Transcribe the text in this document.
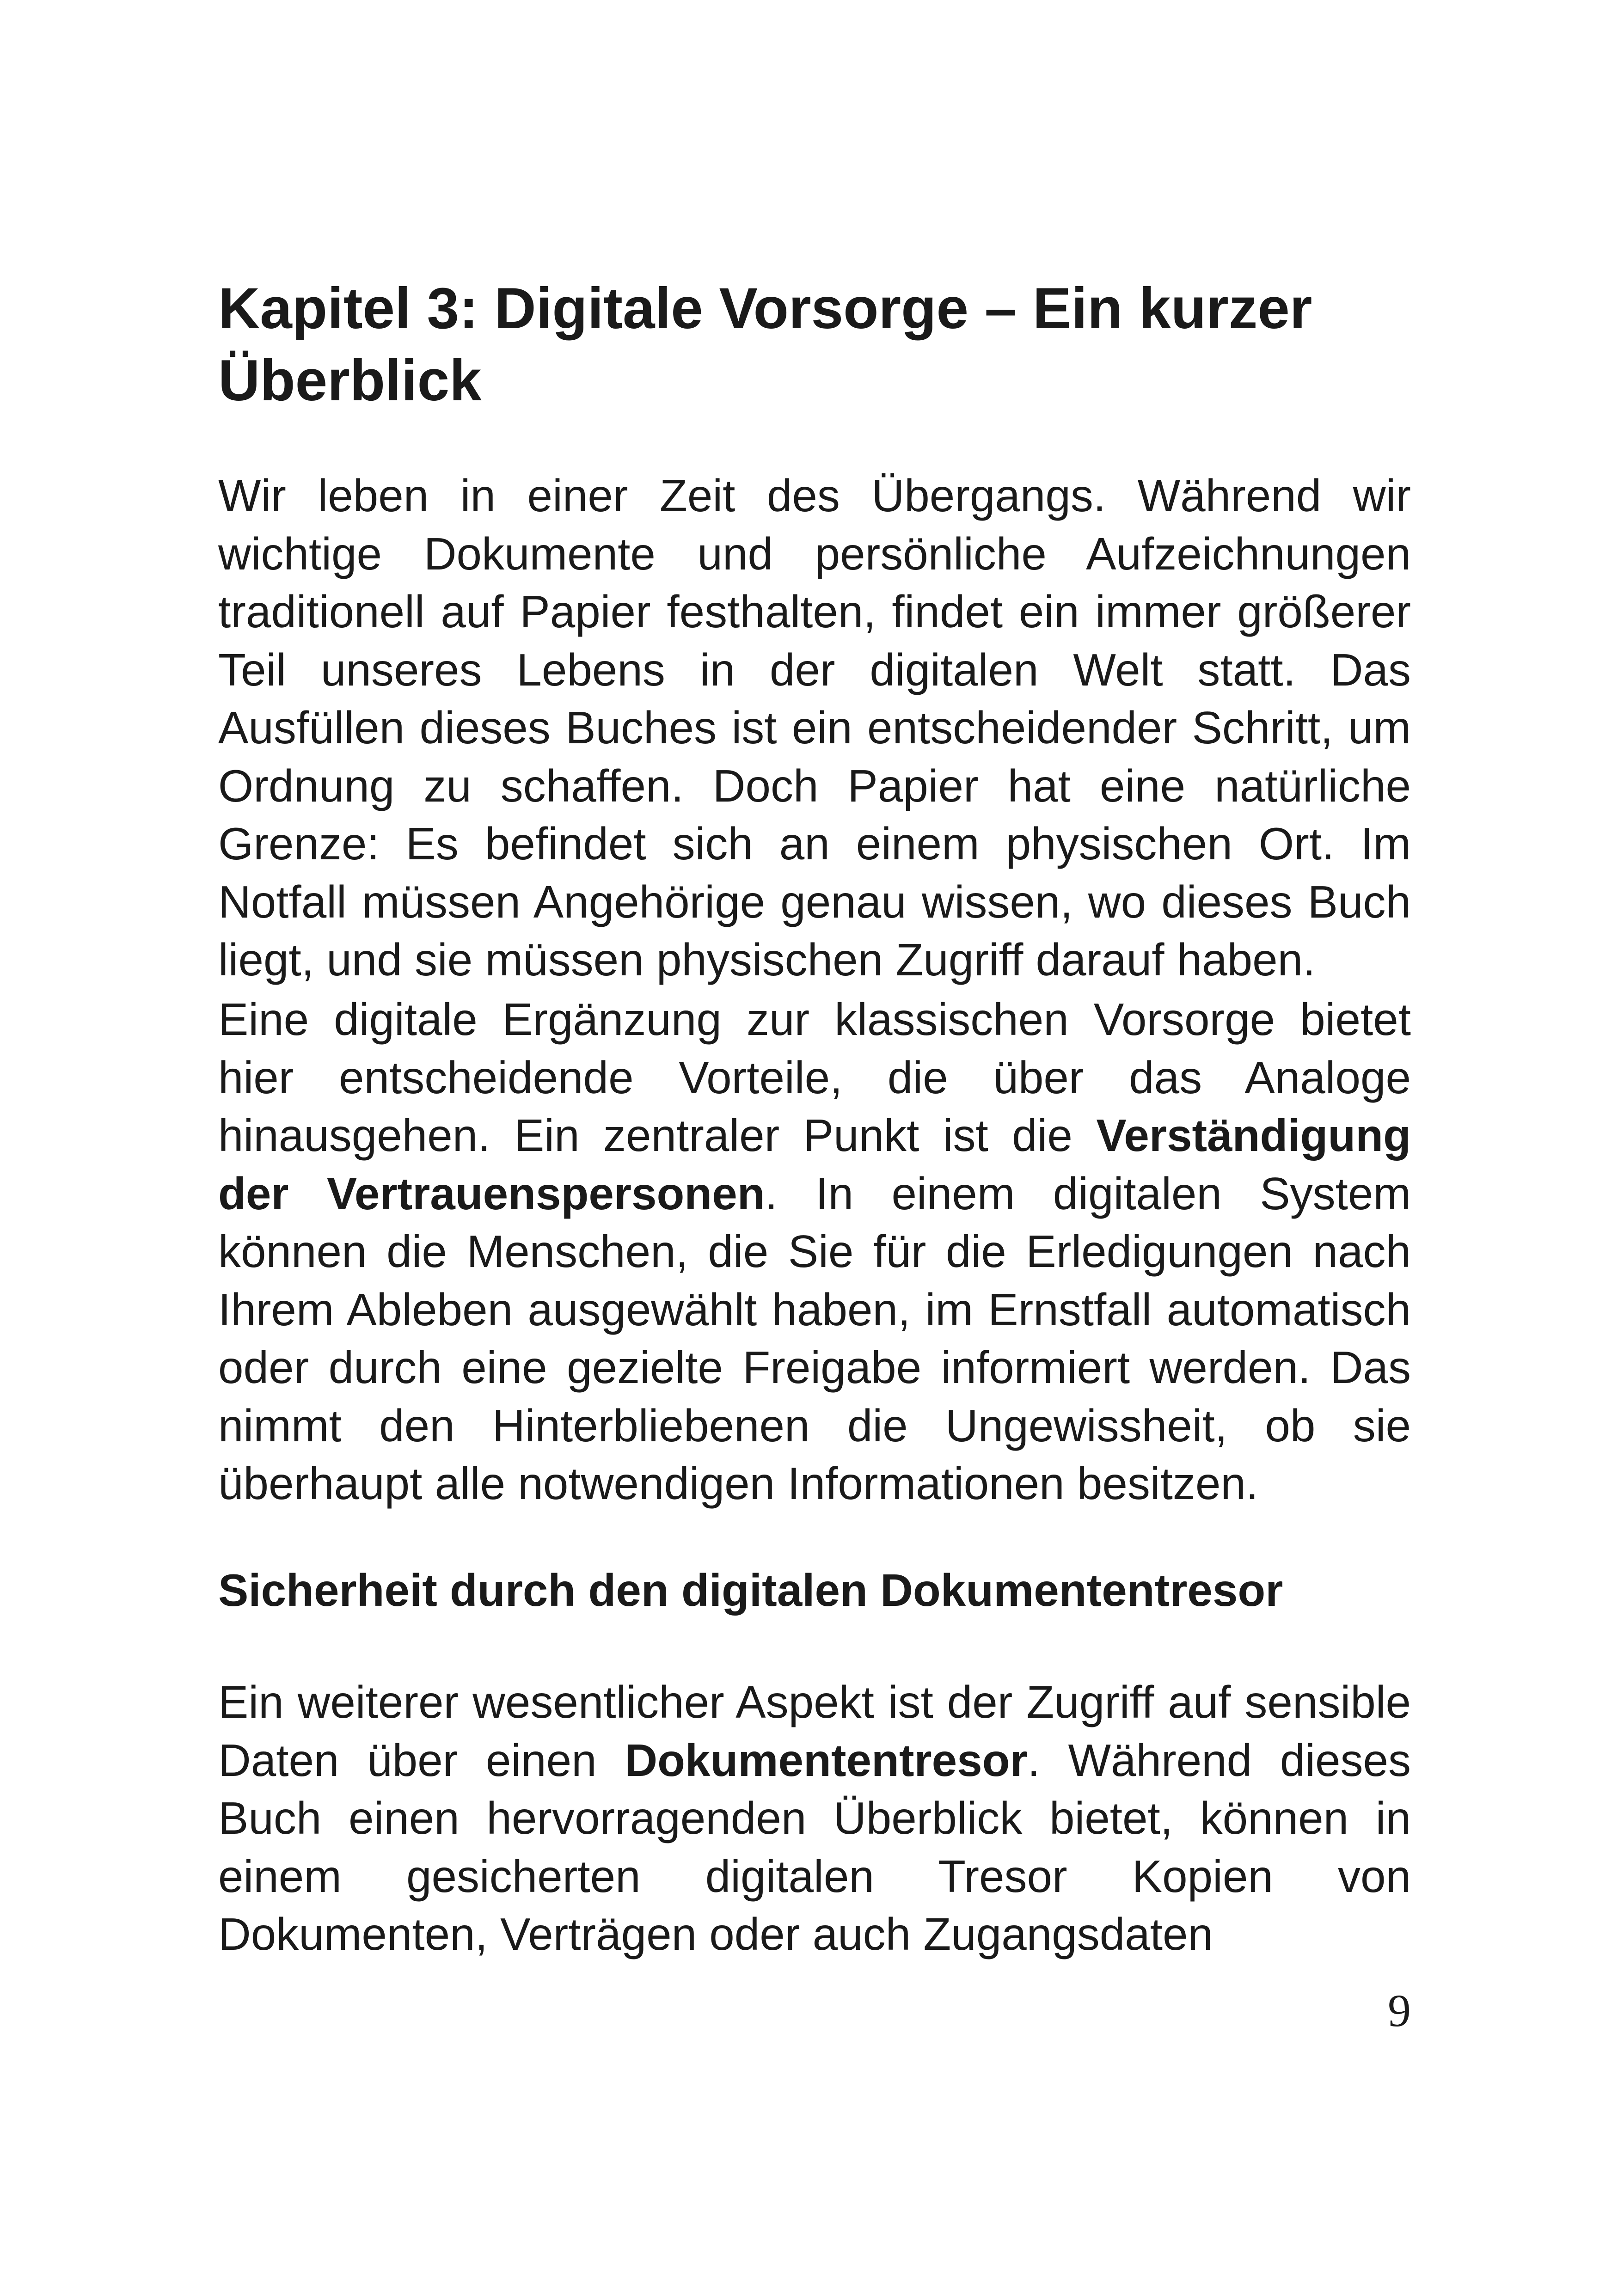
Kapitel 3: Digitale Vorsorge – Ein kurzer Überblick

Wir leben in einer Zeit des Übergangs. Während wir wichtige Dokumente und persönliche Aufzeichnungen traditionell auf Papier festhalten, findet ein immer größerer Teil unseres Lebens in der digitalen Welt statt. Das Ausfüllen dieses Buches ist ein entscheidender Schritt, um Ordnung zu schaffen. Doch Papier hat eine natürliche Grenze: Es befindet sich an einem physischen Ort. Im Notfall müssen Angehörige genau wissen, wo dieses Buch liegt, und sie müssen physischen Zugriff darauf haben.

Eine digitale Ergänzung zur klassischen Vorsorge bietet hier entscheidende Vorteile, die über das Analoge hinausgehen. Ein zentraler Punkt ist die Verständigung der Vertrauenspersonen. In einem digitalen System können die Menschen, die Sie für die Erledigungen nach Ihrem Ableben ausgewählt haben, im Ernstfall automatisch oder durch eine gezielte Freigabe informiert werden. Das nimmt den Hinterbliebenen die Ungewissheit, ob sie überhaupt alle notwendigen Informationen besitzen.

Sicherheit durch den digitalen Dokumententresor

Ein weiterer wesentlicher Aspekt ist der Zugriff auf sensible Daten über einen Dokumententresor. Während dieses Buch einen hervorragenden Überblick bietet, können in einem gesicherten digitalen Tresor Kopien von Dokumenten, Verträgen oder auch Zugangsdaten

9
